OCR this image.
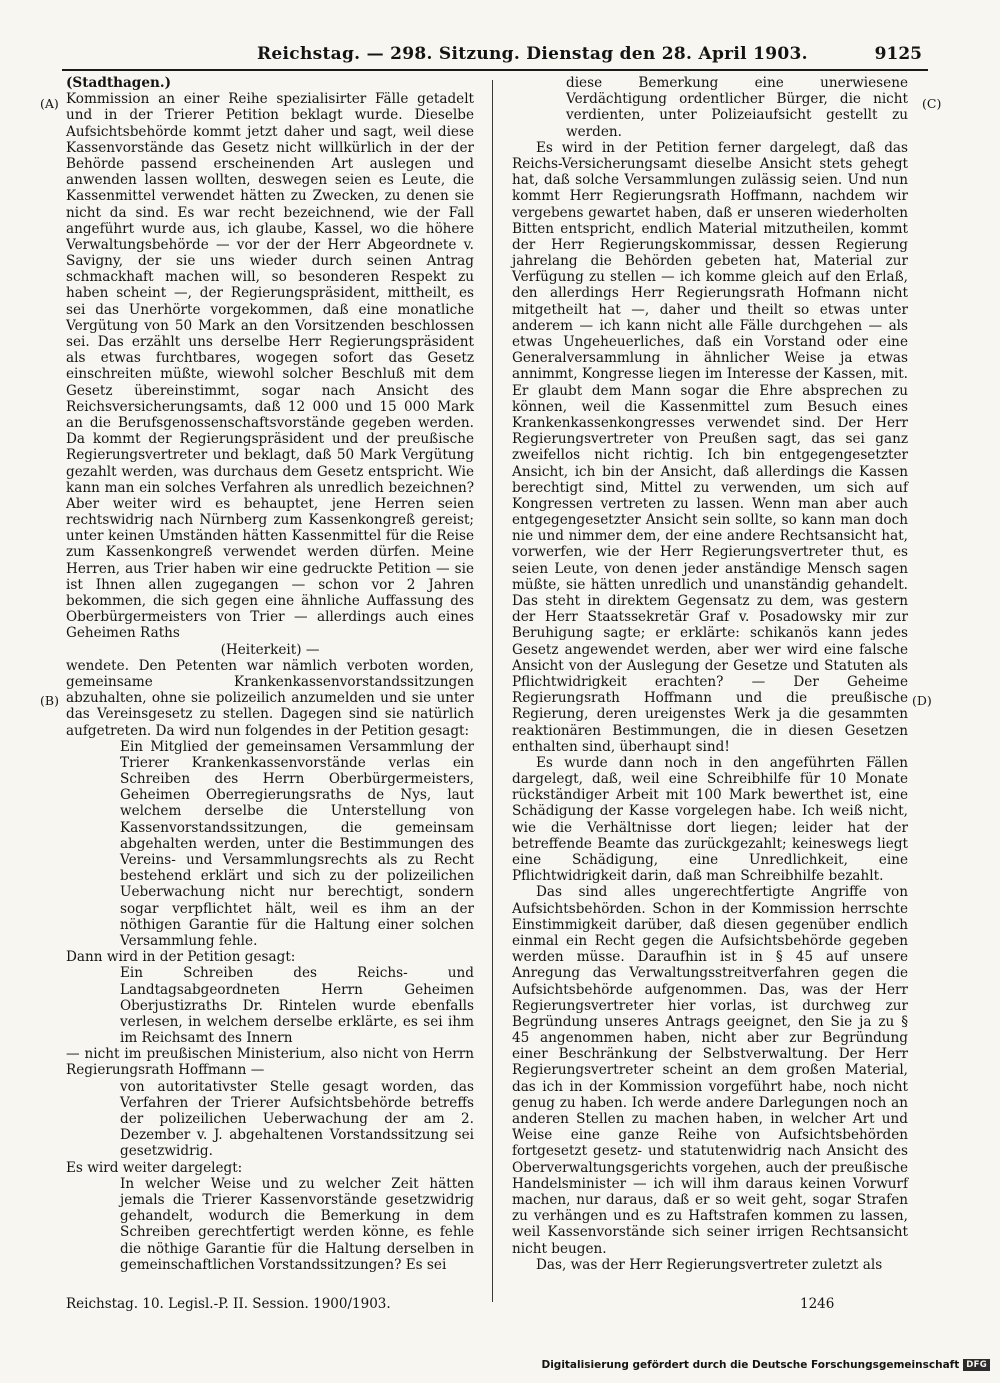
Reichstag. — 298. Sitzung. Dienstag den 28. April 1903.	9125
(A)
(B)
(C)
(D)

(Stadthagen.)

Kommission an einer Reihe spezialisirter Fälle getadelt und in der Trierer Petition beklagt wurde. Dieselbe Aufsichtsbehörde kommt jetzt daher und sagt, weil diese Kassenvorstände das Gesetz nicht willkürlich in der der Behörde passend erscheinenden Art auslegen und anwenden lassen wollten, deswegen seien es Leute, die Kassenmittel verwendet hätten zu Zwecken, zu denen sie nicht da sind. Es war recht bezeichnend, wie der Fall angeführt wurde aus, ich glaube, Kassel, wo die höhere Verwaltungsbehörde — vor der der Herr Abgeordnete v. Savigny, der sie uns wieder durch seinen Antrag schmackhaft machen will, so besonderen Respekt zu haben scheint —, der Regierungspräsident, mittheilt, es sei das Unerhörte vorgekommen, daß eine monatliche Vergütung von 50 Mark an den Vorsitzenden beschlossen sei. Das erzählt uns derselbe Herr Regierungspräsident als etwas furchtbares, wogegen sofort das Gesetz einschreiten müßte, wiewohl solcher Beschluß mit dem Gesetz übereinstimmt, sogar nach Ansicht des Reichsversicherungsamts, daß 12 000 und 15 000 Mark an die Berufsgenossenschaftsvorstände gegeben werden. Da kommt der Regierungspräsident und der preußische Regierungsvertreter und beklagt, daß 50 Mark Vergütung gezahlt werden, was durchaus dem Gesetz entspricht. Wie kann man ein solches Verfahren als unredlich bezeichnen? Aber weiter wird es behauptet, jene Herren seien rechtswidrig nach Nürnberg zum Kassenkongreß gereist; unter keinen Umständen hätten Kassenmittel für die Reise zum Kassenkongreß verwendet werden dürfen. Meine Herren, aus Trier haben wir eine gedruckte Petition — sie ist Ihnen allen zugegangen — schon vor 2 Jahren bekommen, die sich gegen eine ähnliche Auffassung des Oberbürgermeisters von Trier — allerdings auch eines Geheimen Raths

(Heiterkeit) —

wendete. Den Petenten war nämlich verboten worden, gemeinsame Krankenkassenvorstandssitzungen abzuhalten, ohne sie polizeilich anzumelden und sie unter das Vereinsgesetz zu stellen. Dagegen sind sie natürlich aufgetreten. Da wird nun folgendes in der Petition gesagt:

Ein Mitglied der gemeinsamen Versammlung der Trierer Krankenkassenvorstände verlas ein Schreiben des Herrn Oberbürgermeisters, Geheimen Oberregierungsraths de Nys, laut welchem derselbe die Unterstellung von Kassenvorstandssitzungen, die gemeinsam abgehalten werden, unter die Bestimmungen des Vereins- und Versammlungsrechts als zu Recht bestehend erklärt und sich zu der polizeilichen Ueberwachung nicht nur berechtigt, sondern sogar verpflichtet hält, weil es ihm an der nöthigen Garantie für die Haltung einer solchen Versammlung fehle.

Dann wird in der Petition gesagt:

Ein Schreiben des Reichs- und Landtagsabgeordneten Herrn Geheimen Oberjustizraths Dr. Rintelen wurde ebenfalls verlesen, in welchem derselbe erklärte, es sei ihm im Reichsamt des Innern

— nicht im preußischen Ministerium, also nicht von Herrn Regierungsrath Hoffmann —

von autoritativster Stelle gesagt worden, das Verfahren der Trierer Aufsichtsbehörde betreffs der polizeilichen Ueberwachung der am 2. Dezember v. J. abgehaltenen Vorstandssitzung sei gesetzwidrig.

Es wird weiter dargelegt:

In welcher Weise und zu welcher Zeit hätten jemals die Trierer Kassenvorstände gesetzwidrig gehandelt, wodurch die Bemerkung in dem Schreiben gerechtfertigt werden könne, es fehle die nöthige Garantie für die Haltung derselben in gemeinschaftlichen Vorstandssitzungen? Es sei

diese Bemerkung eine unerwiesene Verdächtigung ordentlicher Bürger, die nicht verdienten, unter Polizeiaufsicht gestellt zu werden.

Es wird in der Petition ferner dargelegt, daß das Reichs-Versicherungsamt dieselbe Ansicht stets gehegt hat, daß solche Versammlungen zulässig seien. Und nun kommt Herr Regierungsrath Hoffmann, nachdem wir vergebens gewartet haben, daß er unseren wiederholten Bitten entspricht, endlich Material mitzutheilen, kommt der Herr Regierungskommissar, dessen Regierung jahrelang die Behörden gebeten hat, Material zur Verfügung zu stellen — ich komme gleich auf den Erlaß, den allerdings Herr Regierungsrath Hofmann nicht mitgetheilt hat —, daher und theilt so etwas unter anderem — ich kann nicht alle Fälle durchgehen — als etwas Ungeheuerliches, daß ein Vorstand oder eine Generalversammlung in ähnlicher Weise ja etwas annimmt, Kongresse liegen im Interesse der Kassen, mit. Er glaubt dem Mann sogar die Ehre absprechen zu können, weil die Kassenmittel zum Besuch eines Krankenkassenkongresses verwendet sind. Der Herr Regierungsvertreter von Preußen sagt, das sei ganz zweifellos nicht richtig. Ich bin entgegengesetzter Ansicht, ich bin der Ansicht, daß allerdings die Kassen berechtigt sind, Mittel zu verwenden, um sich auf Kongressen vertreten zu lassen. Wenn man aber auch entgegengesetzter Ansicht sein sollte, so kann man doch nie und nimmer dem, der eine andere Rechtsansicht hat, vorwerfen, wie der Herr Regierungsvertreter thut, es seien Leute, von denen jeder anständige Mensch sagen müßte, sie hätten unredlich und unanständig gehandelt. Das steht in direktem Gegensatz zu dem, was gestern der Herr Staatssekretär Graf v. Posadowsky mir zur Beruhigung sagte; er erklärte: schikanös kann jedes Gesetz angewendet werden, aber wer wird eine falsche Ansicht von der Auslegung der Gesetze und Statuten als Pflichtwidrigkeit erachten? — Der Geheime Regierungsrath Hoffmann und die preußische Regierung, deren ureigenstes Werk ja die gesammten reaktionären Bestimmungen, die in diesen Gesetzen enthalten sind, überhaupt sind!

Es wurde dann noch in den angeführten Fällen dargelegt, daß, weil eine Schreibhilfe für 10 Monate rückständiger Arbeit mit 100 Mark bewerthet ist, eine Schädigung der Kasse vorgelegen habe. Ich weiß nicht, wie die Verhältnisse dort liegen; leider hat der betreffende Beamte das zurückgezahlt; keineswegs liegt eine Schädigung, eine Unredlichkeit, eine Pflichtwidrigkeit darin, daß man Schreibhilfe bezahlt.

Das sind alles ungerechtfertigte Angriffe von Aufsichtsbehörden. Schon in der Kommission herrschte Einstimmigkeit darüber, daß diesen gegenüber endlich einmal ein Recht gegen die Aufsichtsbehörde gegeben werden müsse. Daraufhin ist in § 45 auf unsere Anregung das Verwaltungsstreitverfahren gegen die Aufsichtsbehörde aufgenommen. Das, was der Herr Regierungsvertreter hier vorlas, ist durchweg zur Begründung unseres Antrags geeignet, den Sie ja zu § 45 angenommen haben, nicht aber zur Begründung einer Beschränkung der Selbstverwaltung. Der Herr Regierungsvertreter scheint an dem großen Material, das ich in der Kommission vorgeführt habe, noch nicht genug zu haben. Ich werde andere Darlegungen noch an anderen Stellen zu machen haben, in welcher Art und Weise eine ganze Reihe von Aufsichtsbehörden fortgesetzt gesetz- und statutenwidrig nach Ansicht des Oberverwaltungsgerichts vorgehen, auch der preußische Handelsminister — ich will ihm daraus keinen Vorwurf machen, nur daraus, daß er so weit geht, sogar Strafen zu verhängen und es zu Haftstrafen kommen zu lassen, weil Kassenvorstände sich seiner irrigen Rechtsansicht nicht beugen.

Das, was der Herr Regierungsvertreter zuletzt als

Reichstag. 10. Legisl.-P. II. Session. 1900/1903.	1246
Digitalisierung gefördert durch die Deutsche Forschungsgemeinschaft DFG
